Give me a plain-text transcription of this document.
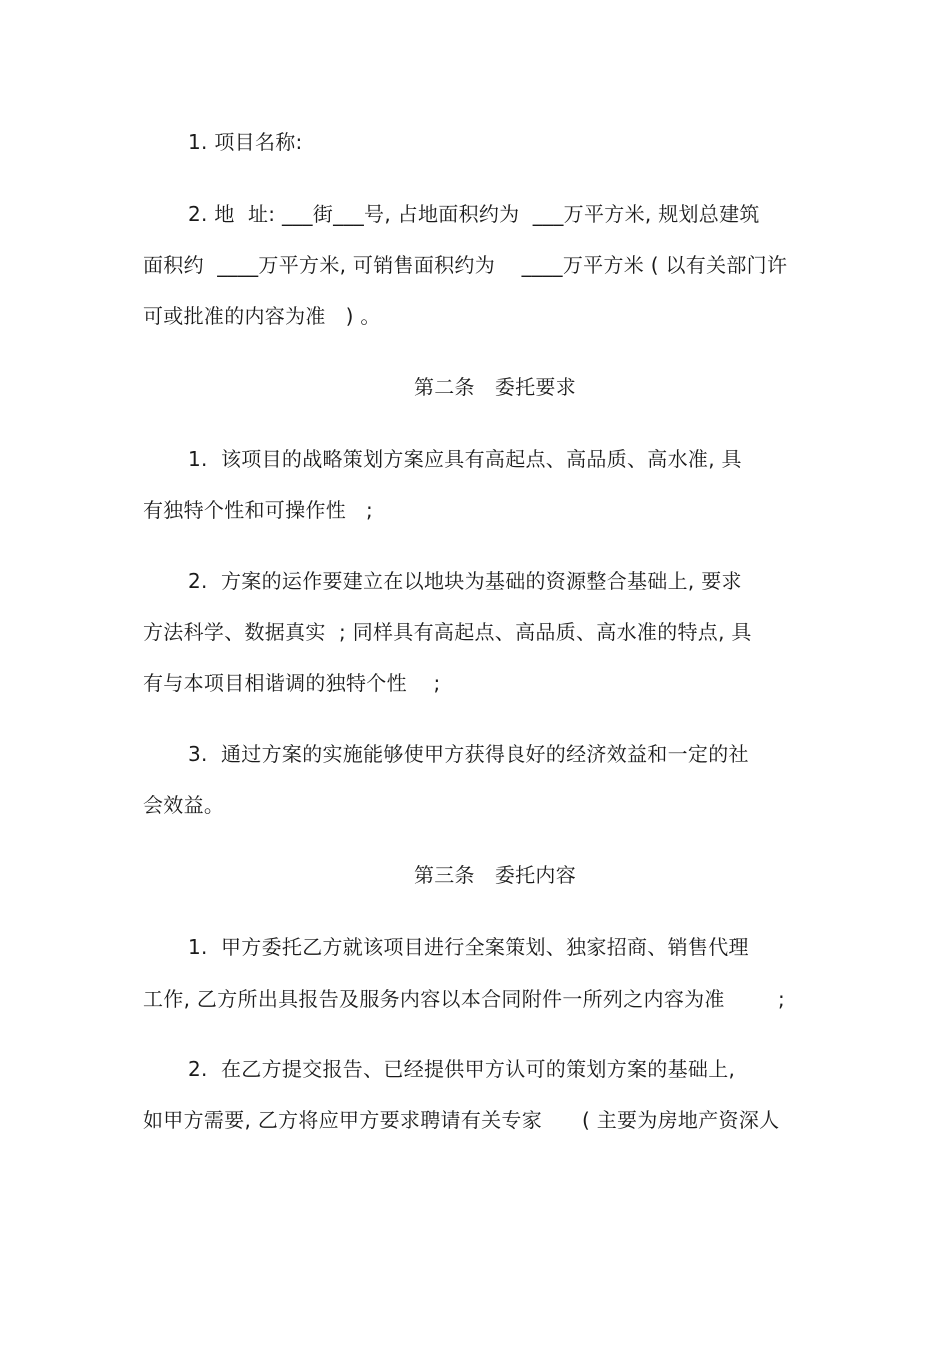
1. 项目名称:
2. 地  址: ___街___号, 占地面积约为  ___万平方米, 规划总建筑
面积约  ____万平方米, 可销售面积约为    ____万平方米 ( 以有关部门许
可或批准的内容为准   ) 。
第二条   委托要求
1.  该项目的战略策划方案应具有高起点、高品质、高水准, 具
有独特个性和可操作性   ;
2.  方案的运作要建立在以地块为基础的资源整合基础上, 要求
方法科学、数据真实  ; 同样具有高起点、高品质、高水准的特点, 具
有与本项目相谐调的独特个性    ;
3.  通过方案的实施能够使甲方获得良好的经济效益和一定的社
会效益。
第三条   委托内容
1.  甲方委托乙方就该项目进行全案策划、独家招商、销售代理
工作, 乙方所出具报告及服务内容以本合同附件一所列之内容为准        ;
2.  在乙方提交报告、已经提供甲方认可的策划方案的基础上,
如甲方需要, 乙方将应甲方要求聘请有关专家      ( 主要为房地产资深人
